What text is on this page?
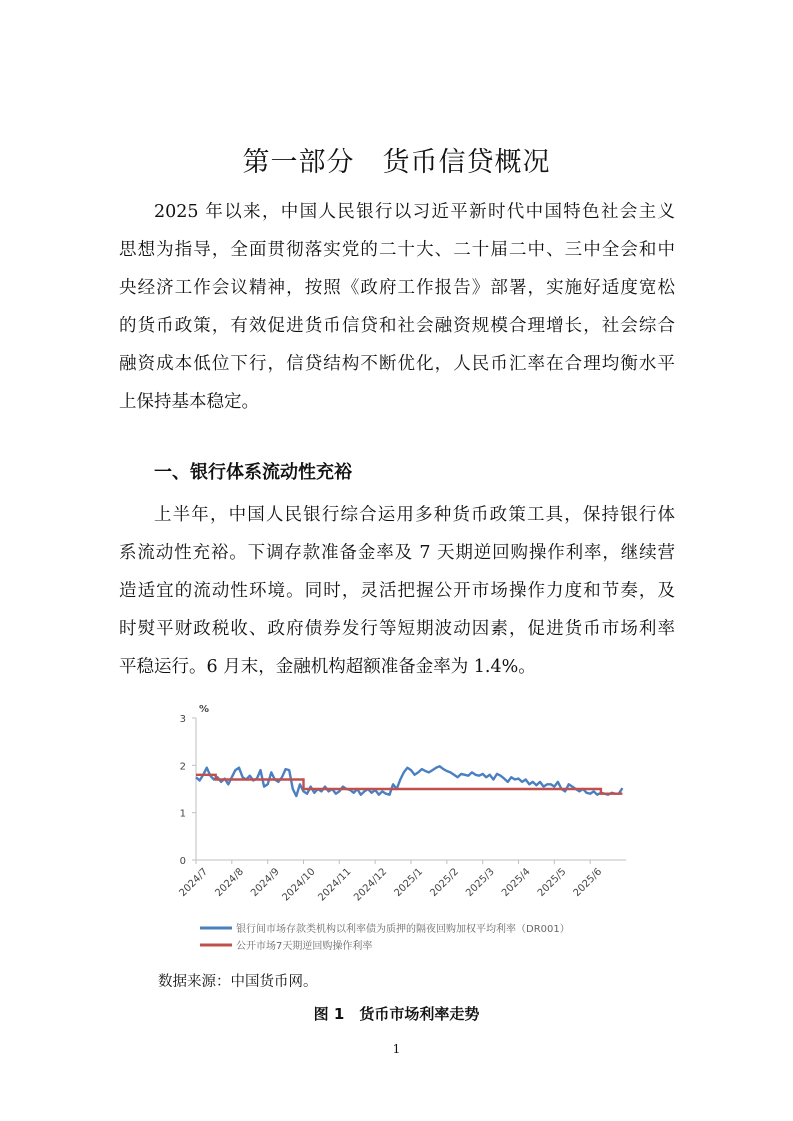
第一部分　货币信贷概况
2025 年以来，中国人民银行以习近平新时代中国特色社会主义
思想为指导，全面贯彻落实党的二十大、二十届二中、三中全会和中
央经济工作会议精神，按照《政府工作报告》部署，实施好适度宽松
的货币政策，有效促进货币信贷和社会融资规模合理增长，社会综合
融资成本低位下行，信贷结构不断优化，人民币汇率在合理均衡水平
上保持基本稳定。
一、银行体系流动性充裕
上半年，中国人民银行综合运用多种货币政策工具，保持银行体
系流动性充裕。下调存款准备金率及 7 天期逆回购操作利率，继续营
造适宜的流动性环境。同时，灵活把握公开市场操作力度和节奏，及
时熨平财政税收、政府债券发行等短期波动因素，促进货币市场利率
平稳运行。6 月末，金融机构超额准备金率为 1.4%。
0
1
2
3
%
2024/7 2024/8 2024/9
2024/10
2024/11
2024/12 2025/1 2025/2 2025/3 2025/4 2025/5 2025/6
银行间市场存款类机构以利率债为质押的隔夜回购加权平均利率（DR001）
公开市场7天期逆回购操作利率
数据来源：中国货币网。
图 1　货币市场利率走势
1
